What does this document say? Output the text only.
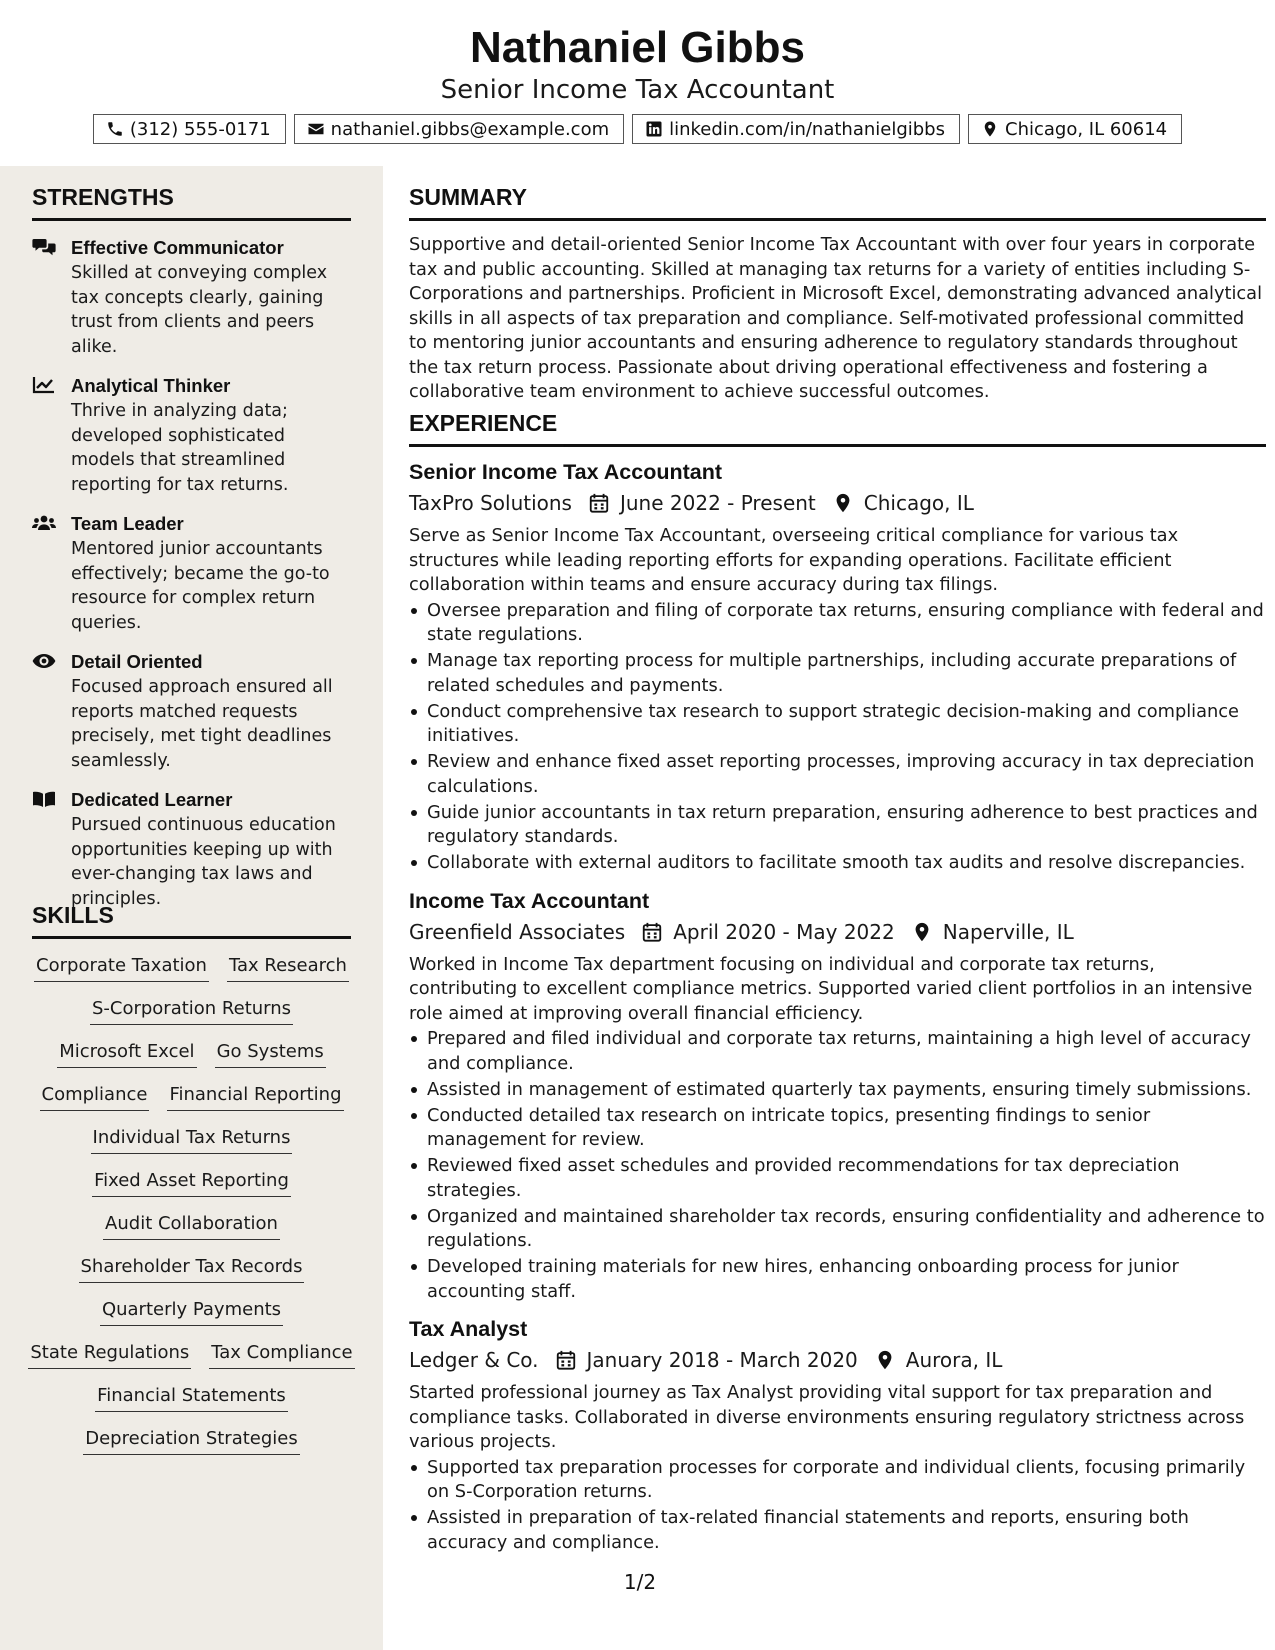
Nathaniel Gibbs
Senior Income Tax Accountant
(312) 555-0171	nathaniel.gibbs@example.com	linkedin.com/in/nathanielgibbs	Chicago, IL 60614
STRENGTHS
Effective Communicator
Skilled at conveying complex tax concepts clearly, gaining trust from clients and peers alike.
Analytical Thinker
Thrive in analyzing data; developed sophisticated models that streamlined reporting for tax returns.
Team Leader
Mentored junior accountants effectively; became the go-to resource for complex return queries.
Detail Oriented
Focused approach ensured all reports matched requests precisely, met tight deadlines seamlessly.
Dedicated Learner
Pursued continuous education opportunities keeping up with ever-changing tax laws and principles.
SKILLS
Corporate Taxation Tax Research
S-Corporation Returns
Microsoft Excel Go Systems
Compliance Financial Reporting
Individual Tax Returns
Fixed Asset Reporting
Audit Collaboration
Shareholder Tax Records
Quarterly Payments
State Regulations Tax Compliance
Financial Statements
Depreciation Strategies
SUMMARY

Supportive and detail-oriented Senior Income Tax Accountant with over four years in corporate tax and public accounting. Skilled at managing tax returns for a variety of entities including S-Corporations and partnerships. Proficient in Microsoft Excel, demonstrating advanced analytical skills in all aspects of tax preparation and compliance. Self-motivated professional committed to mentoring junior accountants and ensuring adherence to regulatory standards throughout the tax return process. Passionate about driving operational effectiveness and fostering a collaborative team environment to achieve successful outcomes.

EXPERIENCE
Senior Income Tax Accountant
TaxPro Solutions June 2022 - Present Chicago, IL
Serve as Senior Income Tax Accountant, overseeing critical compliance for various tax structures while leading reporting efforts for expanding operations. Facilitate efficient collaboration within teams and ensure accuracy during tax filings.
Oversee preparation and filing of corporate tax returns, ensuring compliance with federal and state regulations.
Manage tax reporting process for multiple partnerships, including accurate preparations of related schedules and payments.
Conduct comprehensive tax research to support strategic decision-making and compliance initiatives.
Review and enhance fixed asset reporting processes, improving accuracy in tax depreciation calculations.
Guide junior accountants in tax return preparation, ensuring adherence to best practices and regulatory standards.
Collaborate with external auditors to facilitate smooth tax audits and resolve discrepancies.
Income Tax Accountant
Greenfield Associates April 2020 - May 2022 Naperville, IL
Worked in Income Tax department focusing on individual and corporate tax returns, contributing to excellent compliance metrics. Supported varied client portfolios in an intensive role aimed at improving overall financial efficiency.
Prepared and filed individual and corporate tax returns, maintaining a high level of accuracy and compliance.
Assisted in management of estimated quarterly tax payments, ensuring timely submissions.
Conducted detailed tax research on intricate topics, presenting findings to senior management for review.
Reviewed fixed asset schedules and provided recommendations for tax depreciation strategies.
Organized and maintained shareholder tax records, ensuring confidentiality and adherence to regulations.
Developed training materials for new hires, enhancing onboarding process for junior accounting staff.
Tax Analyst
Ledger & Co. January 2018 - March 2020 Aurora, IL
Started professional journey as Tax Analyst providing vital support for tax preparation and compliance tasks. Collaborated in diverse environments ensuring regulatory strictness across various projects.
Supported tax preparation processes for corporate and individual clients, focusing primarily on S-Corporation returns.
Assisted in preparation of tax-related financial statements and reports, ensuring both accuracy and compliance.
1/2
